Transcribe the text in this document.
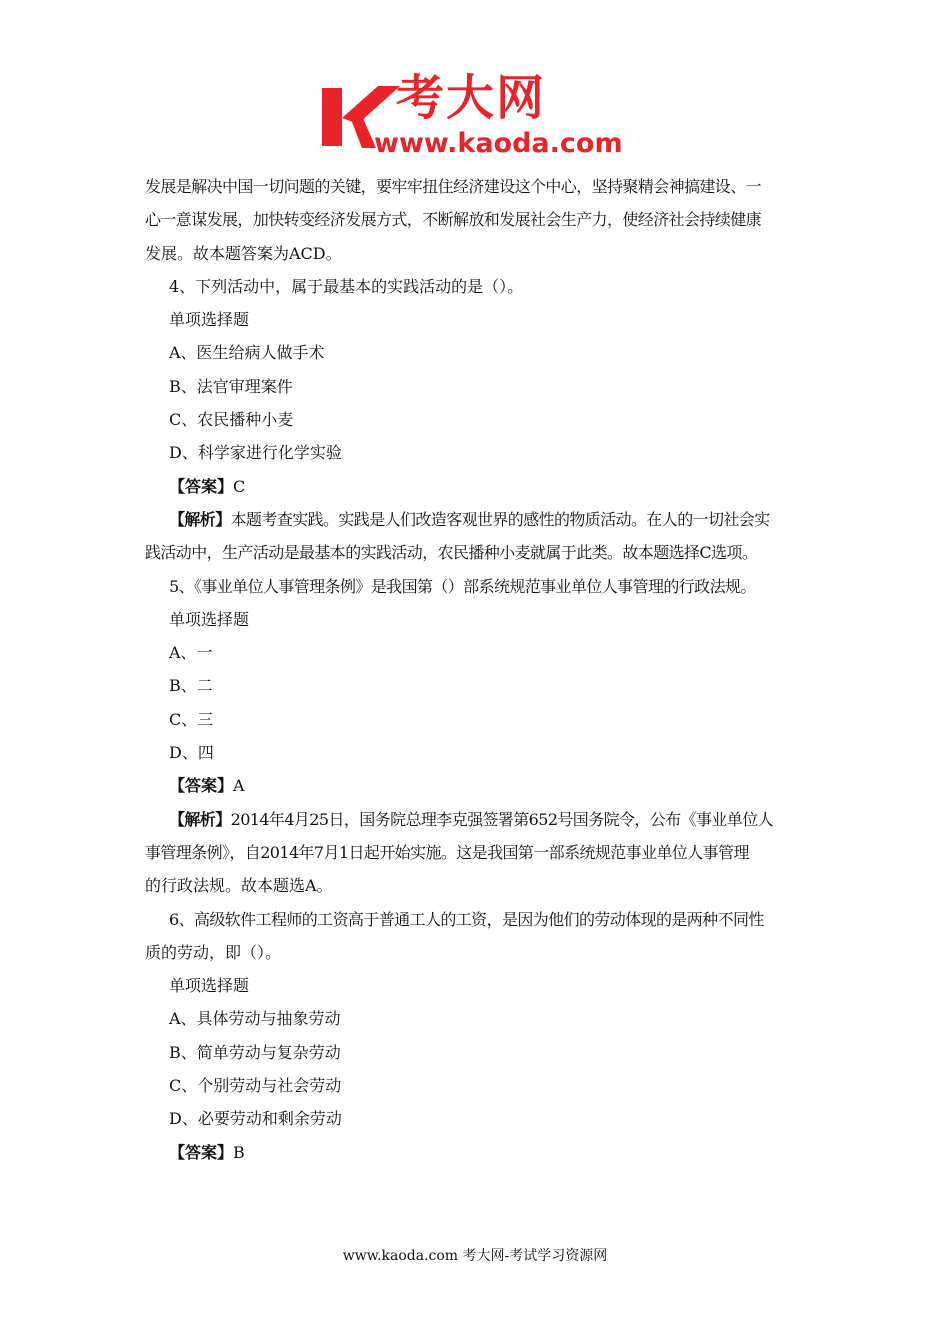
考大网
www.kaoda.com

发展是解决中国一切问题的关键，要牢牢扭住经济建设这个中心，坚持聚精会神搞建设、一

心一意谋发展，加快转变经济发展方式，不断解放和发展社会生产力，使经济社会持续健康

发展。故本题答案为ACD。

4、下列活动中，属于最基本的实践活动的是（）。

单项选择题

A、医生给病人做手术

B、法官审理案件

C、农民播种小麦

D、科学家进行化学实验

【答案】C

【解析】本题考查实践。实践是人们改造客观世界的感性的物质活动。在人的一切社会实

践活动中，生产活动是最基本的实践活动，农民播种小麦就属于此类。故本题选择C选项。

5、《事业单位人事管理条例》是我国第（）部系统规范事业单位人事管理的行政法规。

单项选择题

A、一

B、二

C、三

D、四

【答案】A

【解析】2014年4月25日，国务院总理李克强签署第652号国务院令，公布《事业单位人

事管理条例》，自2014年7月1日起开始实施。这是我国第一部系统规范事业单位人事管理

的行政法规。故本题选A。

6、高级软件工程师的工资高于普通工人的工资，是因为他们的劳动体现的是两种不同性

质的劳动，即（）。

单项选择题

A、具体劳动与抽象劳动

B、简单劳动与复杂劳动

C、个别劳动与社会劳动

D、必要劳动和剩余劳动

【答案】B

www.kaoda.com 考大网-考试学习资源网
